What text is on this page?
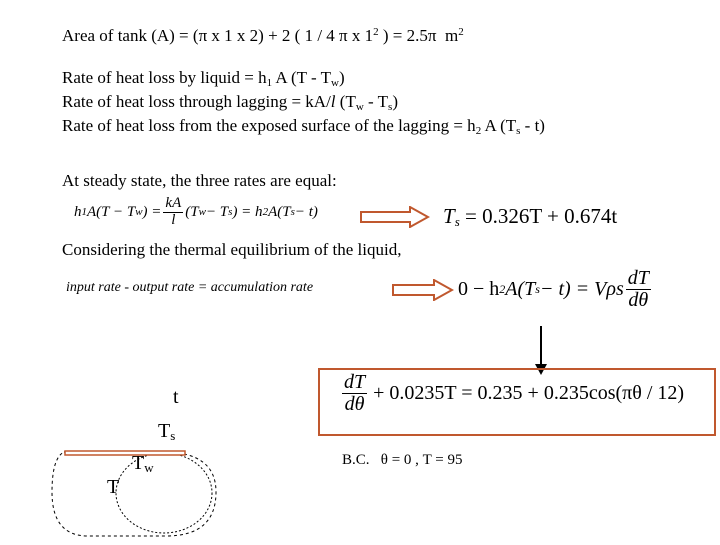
Area of tank (A) = (π x 1 x 2) + 2 ( 1 / 4 π x $1^2$ ) = 2.5π  $m^2$
Rate of heat loss by liquid = $h_1$ A $(T - T_w)$
Rate of heat loss through lagging = kA/l $(T_w - T_s)$
Rate of heat loss from the exposed surface of the lagging = $h_2$ A $(T_s - t)$
At steady state, the three rates are equal:
h 1 A(T − T w ) = $\frac{kA}{l} (T$ w − T s ) = h 2 A(T s − t)	$T_s = 0.326T + 0.674t$
Considering the thermal equilibrium of the liquid,
input rate - output rate = accumulation rate	0 − h 2 A(T s − t) = Vρs $\frac{dT}{d\theta}$
$\frac{dT}{d\theta} + 0.0235T = 0.235 + 0.235\cos(\pi\theta / 12)$
B.C.   θ = 0 , T = 95
t
$T_s$
$T_w$
T
